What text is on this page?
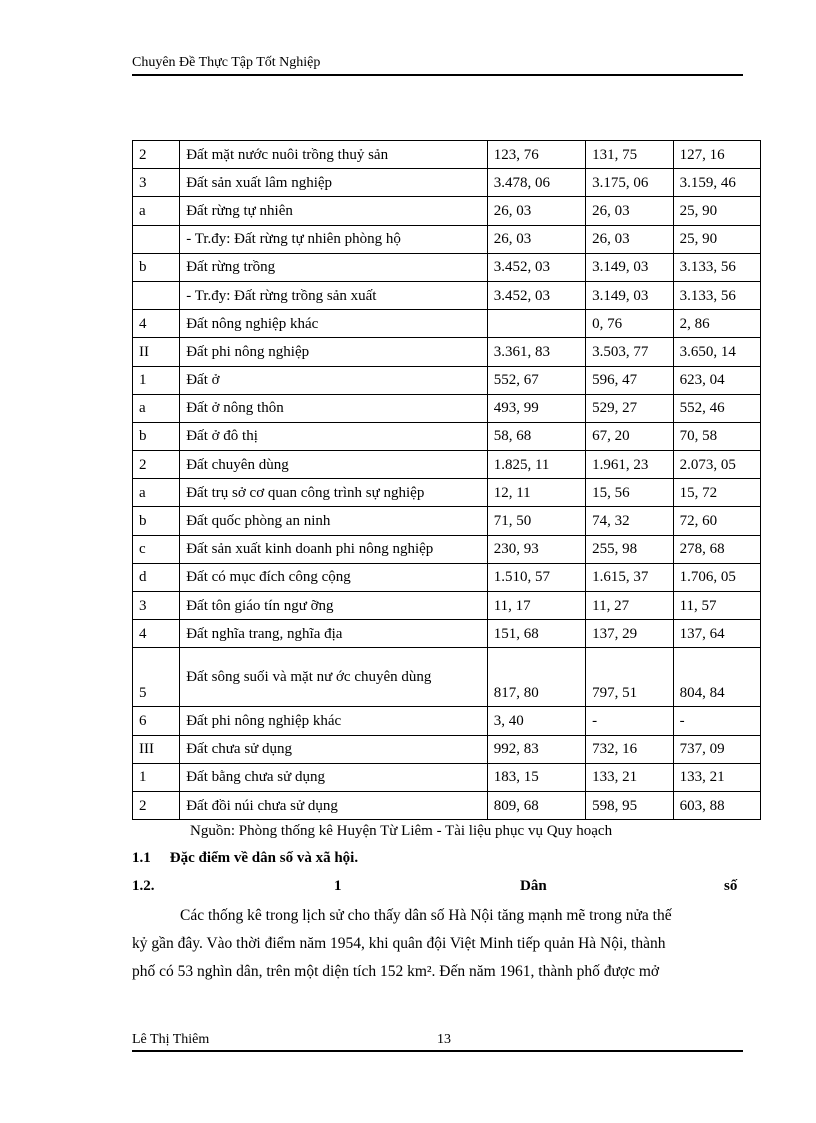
Chuyên Đề Thực Tập Tốt Nghiệp
2	Đất mặt nước nuôi trồng thuỷ sản	123, 76	131, 75	127, 16
3	Đất sản xuất lâm nghiệp	3.478, 06	3.175, 06	3.159, 46
a	Đất rừng tự nhiên	26, 03	26, 03	25, 90
	- Tr.đy: Đất rừng tự nhiên phòng hộ	26, 03	26, 03	25, 90
b	Đất rừng trồng	3.452, 03	3.149, 03	3.133, 56
	- Tr.đy: Đất rừng trồng sản xuất	3.452, 03	3.149, 03	3.133, 56
4	Đất nông nghiệp khác		0, 76	2, 86
II	Đất phi nông nghiệp	3.361, 83	3.503, 77	3.650, 14
1	Đất ở	552, 67	596, 47	623, 04
a	Đất ở nông thôn	493, 99	529, 27	552, 46
b	Đất ở đô thị	58, 68	67, 20	70, 58
2	Đất chuyên dùng	1.825, 11	1.961, 23	2.073, 05
a	Đất trụ sở cơ quan công trình sự nghiệp	12, 11	15, 56	15, 72
b	Đất quốc phòng an ninh	71, 50	74, 32	72, 60
c	Đất sản xuất kinh doanh phi nông nghiệp	230, 93	255, 98	278, 68
d	Đất có mục đích công cộng	1.510, 57	1.615, 37	1.706, 05
3	Đất tôn giáo tín ngư ỡng	11, 17	11, 27	11, 57
4	Đất nghĩa trang, nghĩa địa	151, 68	137, 29	137, 64
5	Đất sông suối và mặt nư ớc chuyên dùng	817, 80	797, 51	804, 84
6	Đất phi nông nghiệp khác	3, 40	-	-
III	Đất chưa sử dụng	992, 83	732, 16	737, 09
1	Đất bằng chưa sử dụng	183, 15	133, 21	133, 21
2	Đất đồi núi chưa sử dụng	809, 68	598, 95	603, 88
Nguồn: Phòng thống kê Huyện Từ Liêm - Tài liệu phục vụ Quy hoạch
1.1 Đặc điểm về dân số và xã hội.
1.2.	1	Dân	số
Các thống kê trong lịch sử cho thấy dân số Hà Nội tăng mạnh mẽ trong nửa thế
kỷ gần đây. Vào thời điểm năm 1954, khi quân đội Việt Minh tiếp quản Hà Nội, thành
phố có 53 nghìn dân, trên một diện tích 152 km². Đến năm 1961, thành phố được mở
Lê Thị Thiêm	13
